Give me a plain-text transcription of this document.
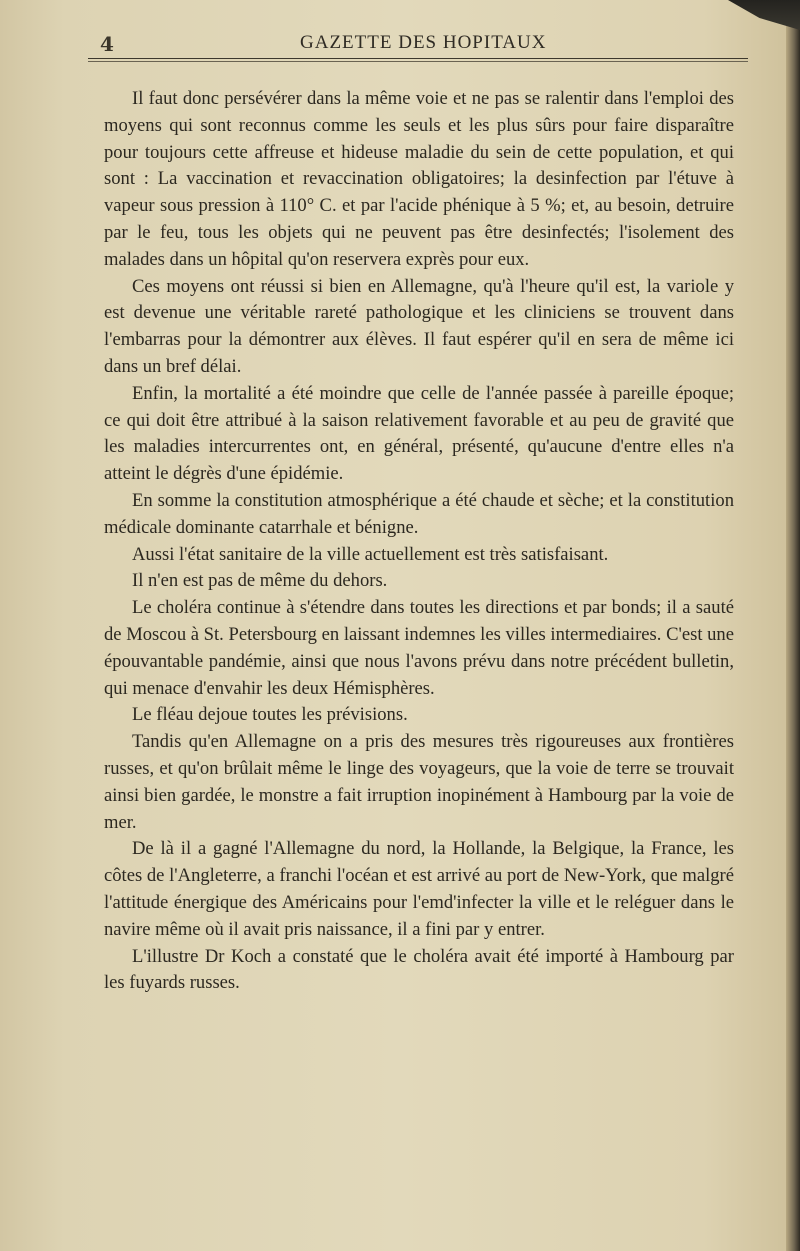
4	GAZETTE DES HOPITAUX

Il faut donc persévérer dans la même voie et ne pas se ralentir dans l'emploi des moyens qui sont reconnus comme les seuls et les plus sûrs pour faire disparaître pour toujours cette affreuse et hideuse maladie du sein de cette population, et qui sont : La vaccination et revaccination obligatoires; la desinfection par l'étuve à vapeur sous pression à 110° C. et par l'acide phénique à 5 %; et, au besoin, detruire par le feu, tous les objets qui ne peuvent pas être desinfectés; l'isolement des malades dans un hôpital qu'on reservera exprès pour eux.

Ces moyens ont réussi si bien en Allemagne, qu'à l'heure qu'il est, la variole y est devenue une véritable rareté pathologique et les cliniciens se trouvent dans l'embarras pour la démontrer aux élèves. Il faut espérer qu'il en sera de même ici dans un bref délai.

Enfin, la mortalité a été moindre que celle de l'année passée à pareille époque; ce qui doit être attribué à la saison relativement favorable et au peu de gravité que les maladies intercurrentes ont, en général, présenté, qu'aucune d'entre elles n'a atteint le dégrès d'une épidémie.

En somme la constitution atmosphérique a été chaude et sèche; et la constitution médicale dominante catarrhale et bénigne.

Aussi l'état sanitaire de la ville actuellement est très satisfaisant.

Il n'en est pas de même du dehors.

Le choléra continue à s'étendre dans toutes les directions et par bonds; il a sauté de Moscou à St. Petersbourg en laissant indemnes les villes intermediaires. C'est une épouvantable pandémie, ainsi que nous l'avons prévu dans notre précédent bulletin, qui menace d'envahir les deux Hémisphères.

Le fléau dejoue toutes les prévisions.

Tandis qu'en Allemagne on a pris des mesures très rigoureuses aux frontières russes, et qu'on brûlait même le linge des voyageurs, que la voie de terre se trouvait ainsi bien gardée, le monstre a fait irruption inopinément à Hambourg par la voie de mer.

De là il a gagné l'Allemagne du nord, la Hollande, la Belgique, la France, les côtes de l'Angleterre, a franchi l'océan et est arrivé au port de New-York, que malgré l'attitude énergique des Américains pour l'emd'infecter la ville et le reléguer dans le navire même où il avait pris naissance, il a fini par y entrer.

L'illustre Dr Koch a constaté que le choléra avait été importé à Hambourg par les fuyards russes.
